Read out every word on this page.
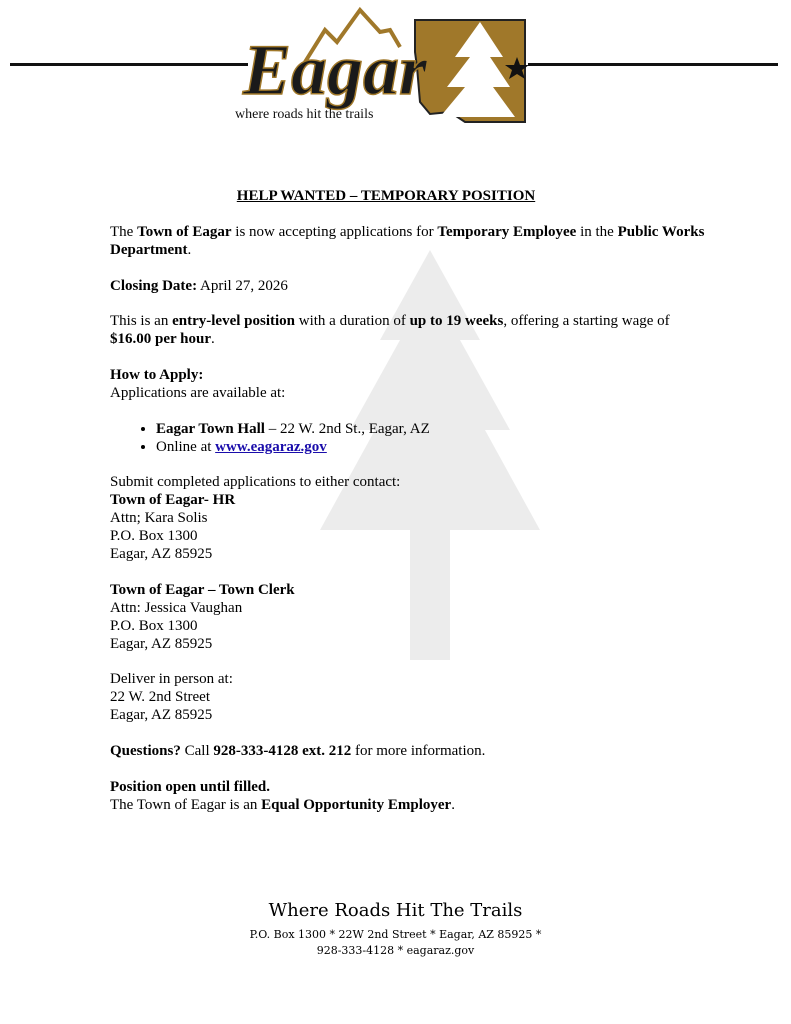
Eagar
where roads hit the trails
HELP WANTED – TEMPORARY POSITION

The Town of Eagar is now accepting applications for Temporary Employee in the Public Works Department.

Closing Date: April 27, 2026

This is an entry-level position with a duration of up to 19 weeks, offering a starting wage of $16.00 per hour.

How to Apply:
Applications are available at:
• Eagar Town Hall – 22 W. 2nd St., Eagar, AZ
• Online at www.eagaraz.gov

Submit completed applications to either contact:
Town of Eagar- HR
Attn; Kara Solis
P.O. Box 1300
Eagar, AZ 85925

Town of Eagar – Town Clerk
Attn: Jessica Vaughan
P.O. Box 1300
Eagar, AZ 85925

Deliver in person at:
22 W. 2nd Street
Eagar, AZ 85925

Questions? Call 928-333-4128 ext. 212 for more information.

Position open until filled.
The Town of Eagar is an Equal Opportunity Employer.

Where Roads Hit The Trails
P.O. Box 1300 * 22W 2nd Street * Eagar, AZ 85925 *
928-333-4128 * eagaraz.gov
